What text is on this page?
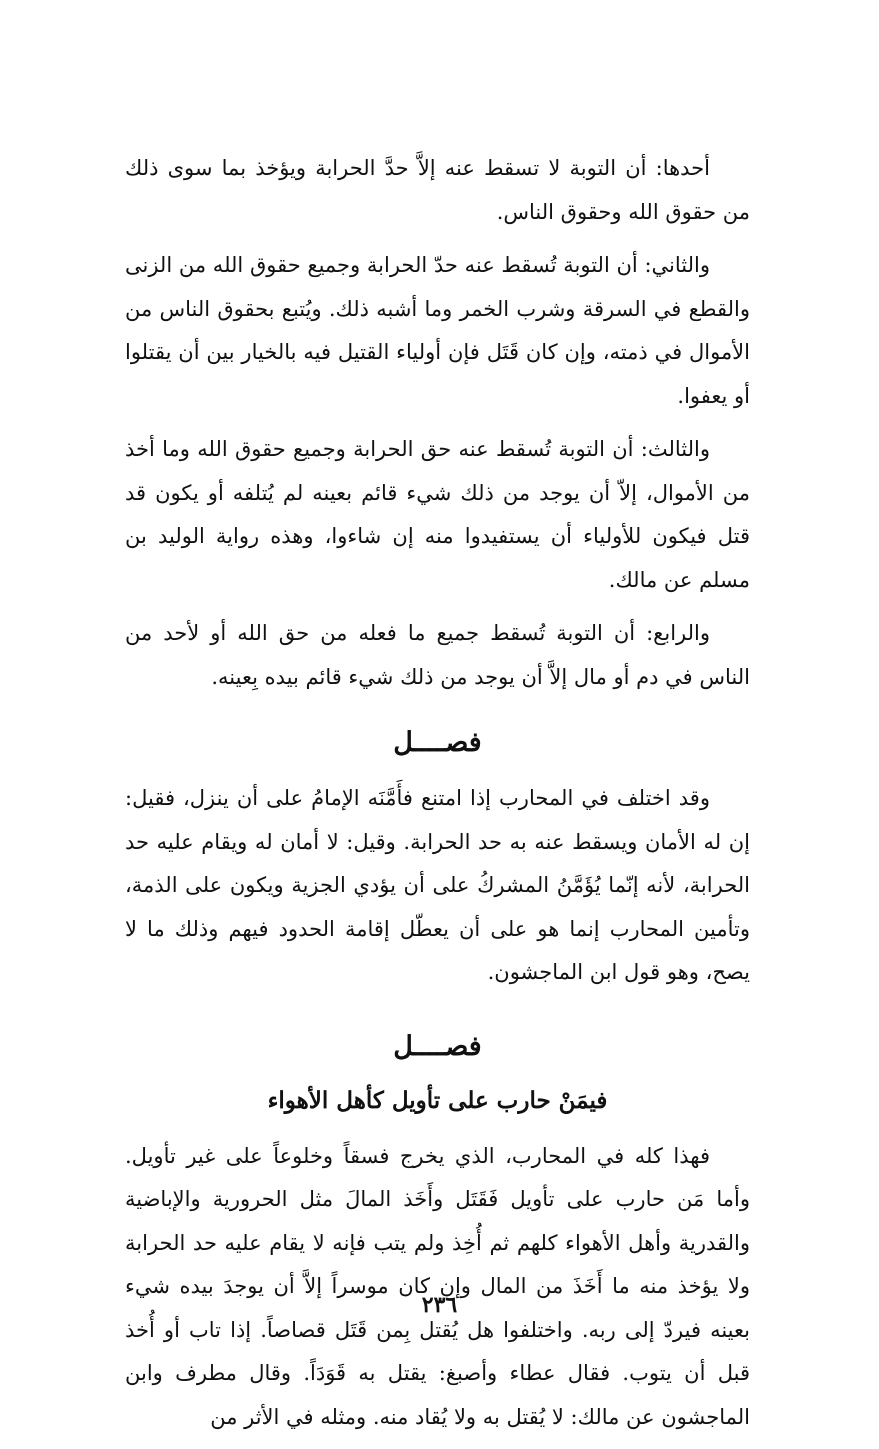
أحدها: أن التوبة لا تسقط عنه إلاَّ حدَّ الحرابة ويؤخذ بما سوى ذلك من حقوق الله وحقوق الناس.

والثاني: أن التوبة تُسقط عنه حدّ الحرابة وجميع حقوق الله من الزنى والقطع في السرقة وشرب الخمر وما أشبه ذلك. ويُتبع بحقوق الناس من الأموال في ذمته، وإن كان قَتَل فإن أولياء القتيل فيه بالخيار بين أن يقتلوا أو يعفوا.

والثالث: أن التوبة تُسقط عنه حق الحرابة وجميع حقوق الله وما أخذ من الأموال، إلاّ أن يوجد من ذلك شيء قائم بعينه لم يُتلفه أو يكون قد قتل فيكون للأولياء أن يستفيدوا منه إن شاءوا، وهذه رواية الوليد بن مسلم عن مالك.

والرابع: أن التوبة تُسقط جميع ما فعله من حق الله أو لأحد من الناس في دم أو مال إلاَّ أن يوجد من ذلك شيء قائم بيده بِعينه.

فصــــل

وقد اختلف في المحارب إذا امتنع فأَمَّنَه الإمامُ على أن ينزل، فقيل: إن له الأمان ويسقط عنه به حد الحرابة. وقيل: لا أمان له ويقام عليه حد الحرابة، لأنه إنّما يُؤَمَّنُ المشركُ على أن يؤدي الجزية ويكون على الذمة، وتأمين المحارب إنما هو على أن يعطّل إقامة الحدود فيهم وذلك ما لا يصح، وهو قول ابن الماجشون.

فصــــل
فيمَنْ حارب على تأويل كأهل الأهواء

فهذا كله في المحارب، الذي يخرج فسقاً وخلوعاً على غير تأويل. وأما مَن حارب على تأويل فَقَتَل وأَخَذ المالَ مثل الحرورية والإباضية والقدرية وأهل الأهواء كلهم ثم أُخِذ ولم يتب فإنه لا يقام عليه حد الحرابة ولا يؤخذ منه ما أَخَذَ من المال وإن كان موسراً إلاَّ أن يوجدَ بيده شيء بعينه فيردّ إلى ربه. واختلفوا هل يُقتل بِمن قَتَل قصاصاً. إذا تاب أو أُخذ قبل أن يتوب. فقال عطاء وأصبغ: يقتل به قَوَدَاً. وقال مطرف وابن الماجشون عن مالك: لا يُقتل به ولا يُقاد منه. ومثله في الأثر من

٢٣٦
